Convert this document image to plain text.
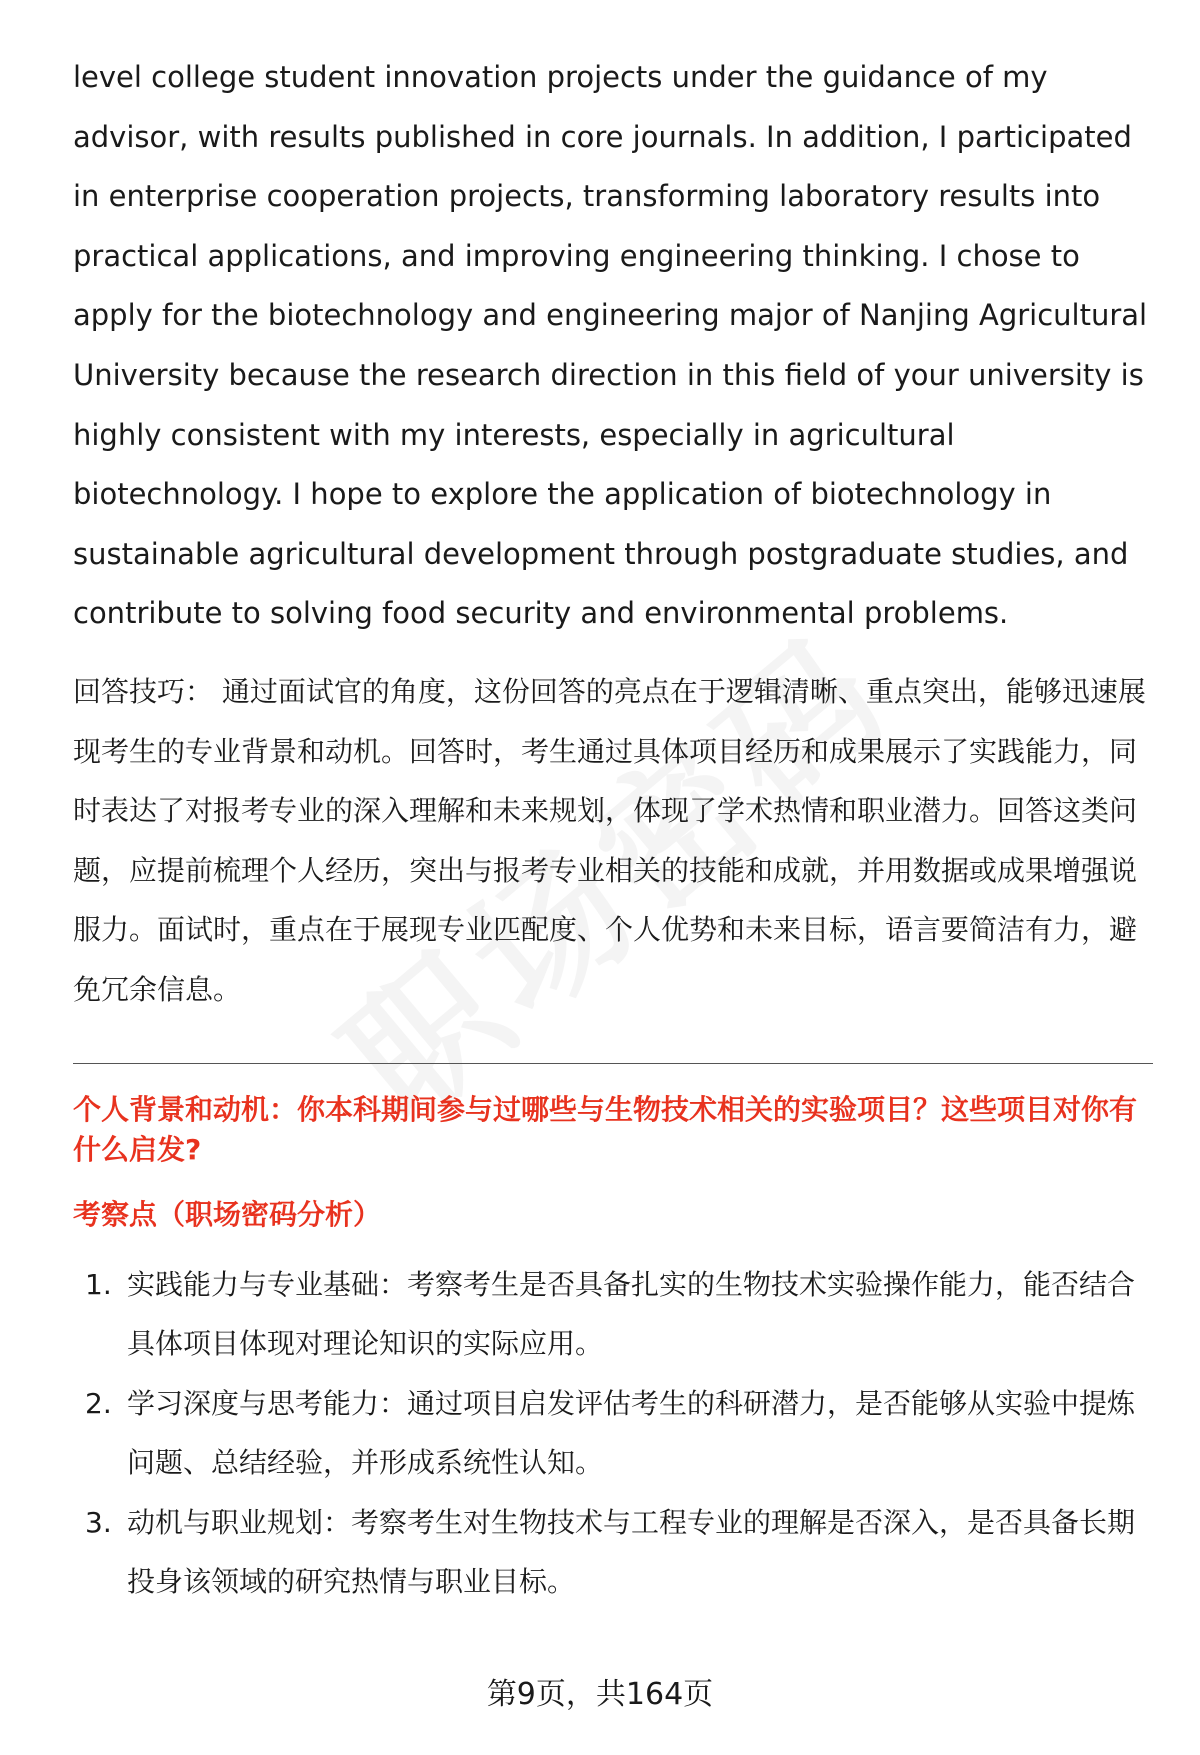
level college student innovation projects under the guidance of my advisor, with results published in core journals. In addition, I participated in enterprise cooperation projects, transforming laboratory results into practical applications, and improving engineering thinking. I chose to apply for the biotechnology and engineering major of Nanjing Agricultural University because the research direction in this field of your university is highly consistent with my interests, especially in agricultural biotechnology. I hope to explore the application of biotechnology in sustainable agricultural development through postgraduate studies, and contribute to solving food security and environmental problems.

回答技巧： 通过面试官的角度，这份回答的亮点在于逻辑清晰、重点突出，能够迅速展现考生的专业背景和动机。回答时，考生通过具体项目经历和成果展示了实践能力，同时表达了对报考专业的深入理解和未来规划，体现了学术热情和职业潜力。回答这类问题，应提前梳理个人经历，突出与报考专业相关的技能和成就，并用数据或成果增强说服力。面试时，重点在于展现专业匹配度、个人优势和未来目标，语言要简洁有力，避免冗余信息。

个人背景和动机：你本科期间参与过哪些与生物技术相关的实验项目？这些项目对你有什么启发?
考察点（职场密码分析）
1. 实践能力与专业基础：考察考生是否具备扎实的生物技术实验操作能力，能否结合具体项目体现对理论知识的实际应用。
2. 学习深度与思考能力：通过项目启发评估考生的科研潜力，是否能够从实验中提炼问题、总结经验，并形成系统性认知。
3. 动机与职业规划：考察考生对生物技术与工程专业的理解是否深入，是否具备长期投身该领域的研究热情与职业目标。
第9页，共164页
